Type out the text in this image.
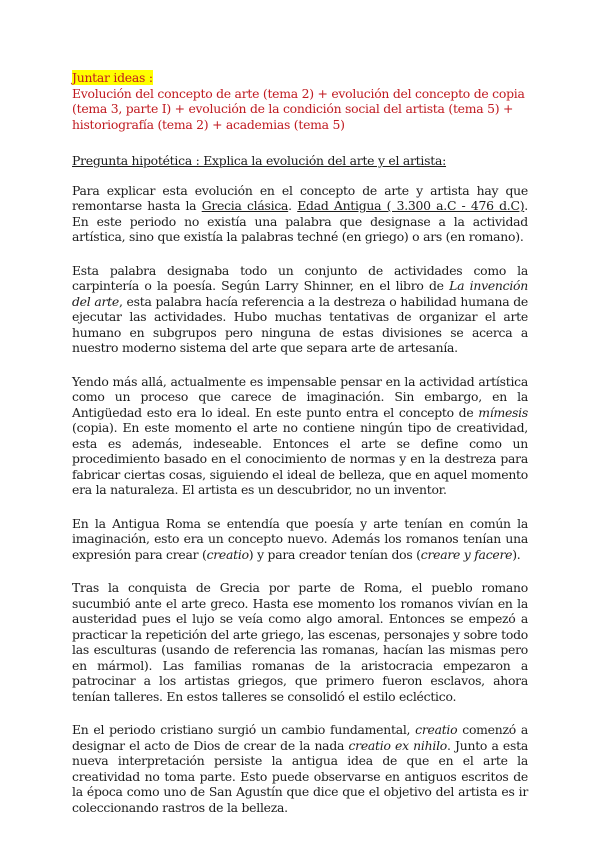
Juntar ideas :
Evolución del concepto de arte (tema 2) + evolución del concepto de copia (tema 3, parte I) + evolución de la condición social del artista (tema 5) + historiografía (tema 2) + academias (tema 5)
Pregunta hipotética : Explica la evolución del arte y el artista:

Para explicar esta evolución en el concepto de arte y artista hay que remontarse hasta la Grecia clásica. Edad Antigua ( 3.300 a.C - 476 d.C). En este periodo no existía una palabra que designase a la actividad artística, sino que existía la palabras techné (en griego) o ars (en romano).

Esta palabra designaba todo un conjunto de actividades como la carpintería o la poesía. Según Larry Shinner, en el libro de La invención del arte, esta palabra hacía referencia a la destreza o habilidad humana de ejecutar las actividades. Hubo muchas tentativas de organizar el arte humano en subgrupos pero ninguna de estas divisiones se acerca a nuestro moderno sistema del arte que separa arte de artesanía.

Yendo más allá, actualmente es impensable pensar en la actividad artística como un proceso que carece de imaginación. Sin embargo, en la Antigüedad esto era lo ideal. En este punto entra el concepto de mímesis (copia). En este momento el arte no contiene ningún tipo de creatividad, esta es además, indeseable. Entonces el arte se define como un procedimiento basado en el conocimiento de normas y en la destreza para fabricar ciertas cosas, siguiendo el ideal de belleza, que en aquel momento era la naturaleza. El artista es un descubridor, no un inventor.

En la Antigua Roma se entendía que poesía y arte tenían en común la imaginación, esto era un concepto nuevo. Además los romanos tenían una expresión para crear (creatio) y para creador tenían dos (creare y facere).

Tras la conquista de Grecia por parte de Roma, el pueblo romano sucumbió ante el arte greco. Hasta ese momento los romanos vivían en la austeridad pues el lujo se veía como algo amoral. Entonces se empezó a practicar la repetición del arte griego, las escenas, personajes y sobre todo las esculturas (usando de referencia las romanas, hacían las mismas pero en mármol). Las familias romanas de la aristocracia empezaron a patrocinar a los artistas griegos, que primero fueron esclavos, ahora tenían talleres. En estos talleres se consolidó el estilo ecléctico.

En el periodo cristiano surgió un cambio fundamental, creatio comenzó a designar el acto de Dios de crear de la nada creatio ex nihilo. Junto a esta nueva interpretación persiste la antigua idea de que en el arte la creatividad no toma parte. Esto puede observarse en antiguos escritos de la época como uno de San Agustín que dice que el objetivo del artista es ir coleccionando rastros de la belleza.
